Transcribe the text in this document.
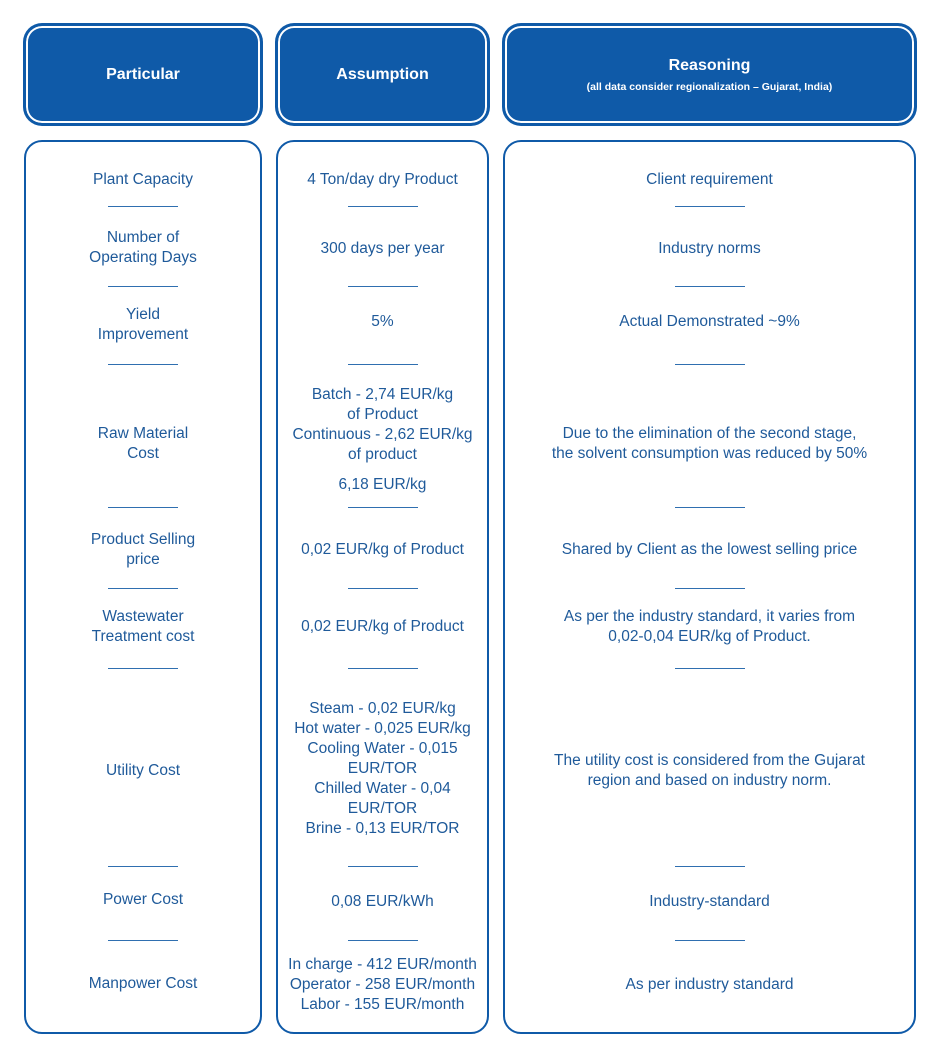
Particular	Assumption
Reasoning
(all data consider regionalization – Gujarat, India)
Plant Capacity
Number of
Operating Days
Yield
Improvement
Raw Material
Cost
Product Selling
price
Wastewater
Treatment cost
Utility Cost
Power Cost
Manpower Cost
4 Ton/day dry Product
300 days per year
5%
Batch - 2,74 EUR/kg
of Product
Continuous - 2,62 EUR/kg
of product
6,18 EUR/kg
0,02 EUR/kg of Product
0,02 EUR/kg of Product
Steam - 0,02 EUR/kg
Hot water - 0,025 EUR/kg
Cooling Water - 0,015
EUR/TOR
Chilled Water - 0,04
EUR/TOR
Brine - 0,13 EUR/TOR
0,08 EUR/kWh
In charge - 412 EUR/month
Operator - 258 EUR/month
Labor - 155 EUR/month
Client requirement
Industry norms
Actual Demonstrated ~9%
Due to the elimination of the second stage,
the solvent consumption was reduced by 50%
Shared by Client as the lowest selling price
As per the industry standard, it varies from
0,02-0,04 EUR/kg of Product.
The utility cost is considered from the Gujarat
region and based on industry norm.
Industry-standard
As per industry standard
